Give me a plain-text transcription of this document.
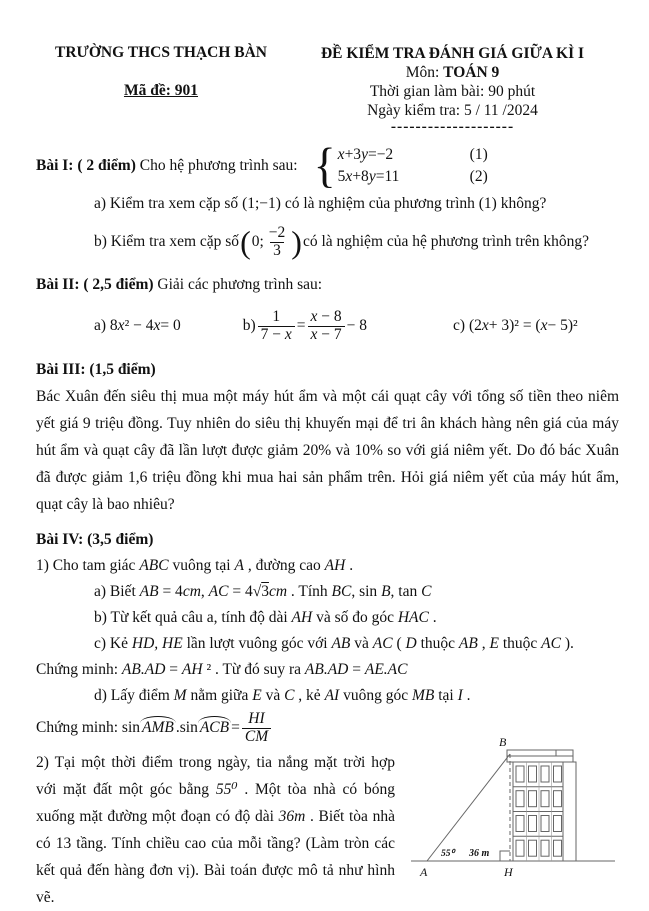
TRƯỜNG THCS THẠCH BÀN
Mã đề: 901
ĐỀ KIỂM TRA ĐÁNH GIÁ GIỮA KÌ I
Môn: TOÁN 9
Thời gian làm bài: 90 phút
Ngày kiểm tra: 5 / 11 /2024
--------------------
Bài I: ( 2 điểm) Cho hệ phương trình sau: { x+3y=−2	(1)
5x+8y=11	(2)
a) Kiểm tra xem cặp số (1;−1) có là nghiệm của phương trình (1) không?
b) Kiểm tra xem cặp số ( 0; $\frac{-2}{3}$ ) có là nghiệm của hệ phương trình trên không?
Bài II: ( 2,5 điểm) Giải các phương trình sau:
a) 8 x ² − 4 x = 0	$b) \frac{1}{7 - x} = \frac{x - 8}{x - 7} - 8$	c) (2 x + 3)² = ( x − 5)²
Bài III: (1,5 điểm)
Bác Xuân đến siêu thị mua một máy hút ẩm và một cái quạt cây với tổng số tiền theo niêm yết giá 9 triệu đồng. Tuy nhiên do siêu thị khuyến mại để tri ân khách hàng nên giá của máy hút ẩm và quạt cây đã lần lượt được giảm 20% và 10% so với giá niêm yết. Do đó bác Xuân đã được giảm 1,6 triệu đồng khi mua hai sản phẩm trên. Hỏi giá niêm yết của máy hút ẩm, quạt cây là bao nhiêu?
Bài IV: (3,5 điểm)
1) Cho tam giác ABC vuông tại A , đường cao AH .
a) Biết AB = 4cm, AC = 4√3cm . Tính BC, sin B, tan C
b) Từ kết quả câu a, tính độ dài AH và số đo góc HAC .
c) Kẻ HD, HE lần lượt vuông góc với AB và AC ( D thuộc AB , E thuộc AC ).
Chứng minh: AB.AD = AH ² . Từ đó suy ra AB.AD = AE.AC
d) Lấy điểm M nằm giữa E và C , kẻ AI vuông góc MB tại I .
Chứng minh: sin AMB .sin ACB = $\frac{HI}{CM}$
2) Tại một thời điểm trong ngày, tia nắng mặt trời hợp với mặt đất một góc bằng 55⁰ . Một tòa nhà có bóng xuống mặt đường một đoạn có độ dài 36m . Biết tòa nhà có 13 tầng. Tính chiều cao của mỗi tầng? (Làm tròn các kết quả đến hàng đơn vị). Bài toán được mô tả như hình vẽ.
B
A	H
55⁰ 36 m
